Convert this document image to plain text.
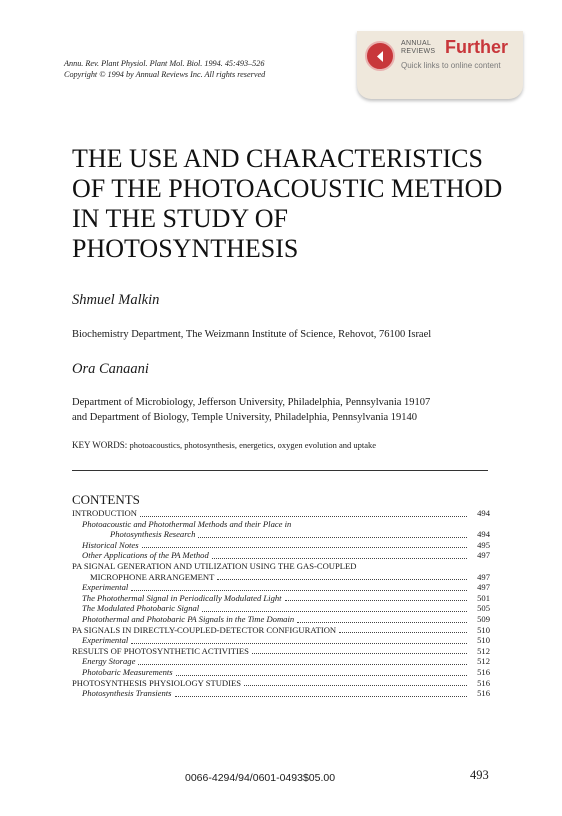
Annu. Rev. Plant Physiol. Plant Mol. Biol. 1994. 45:493–526
Copyright © 1994 by Annual Reviews Inc. All rights reserved
ANNUAL
REVIEWS Further
Quick links to online content
THE USE AND CHARACTERISTICS
OF THE PHOTOACOUSTIC METHOD
IN THE STUDY OF
PHOTOSYNTHESIS
Shmuel Malkin
Biochemistry Department, The Weizmann Institute of Science, Rehovot, 76100 Israel
Ora Canaani
Department of Microbiology, Jefferson University, Philadelphia, Pennsylvania 19107
and Department of Biology, Temple University, Philadelphia, Pennsylvania 19140
KEY WORDS: photoacoustics, photosynthesis, energetics, oxygen evolution and uptake
CONTENTS
INTRODUCTION	494
Photoacoustic and Photothermal Methods and their Place in
Photosynthesis Research	494
Historical Notes	495
Other Applications of the PA Method	497
PA SIGNAL GENERATION AND UTILIZATION USING THE GAS-COUPLED
MICROPHONE ARRANGEMENT	497
Experimental	497
The Photothermal Signal in Periodically Modulated Light	501
The Modulated Photobaric Signal	505
Photothermal and Photobaric PA Signals in the Time Domain	509
PA SIGNALS IN DIRECTLY-COUPLED-DETECTOR CONFIGURATION	510
Experimental	510
RESULTS OF PHOTOSYNTHETIC ACTIVITIES	512
Energy Storage	512
Photobaric Measurements	516
PHOTOSYNTHESIS PHYSIOLOGY STUDIES	516
Photosynthesis Transients	516
0066-4294/94/0601-0493$05.00	493
